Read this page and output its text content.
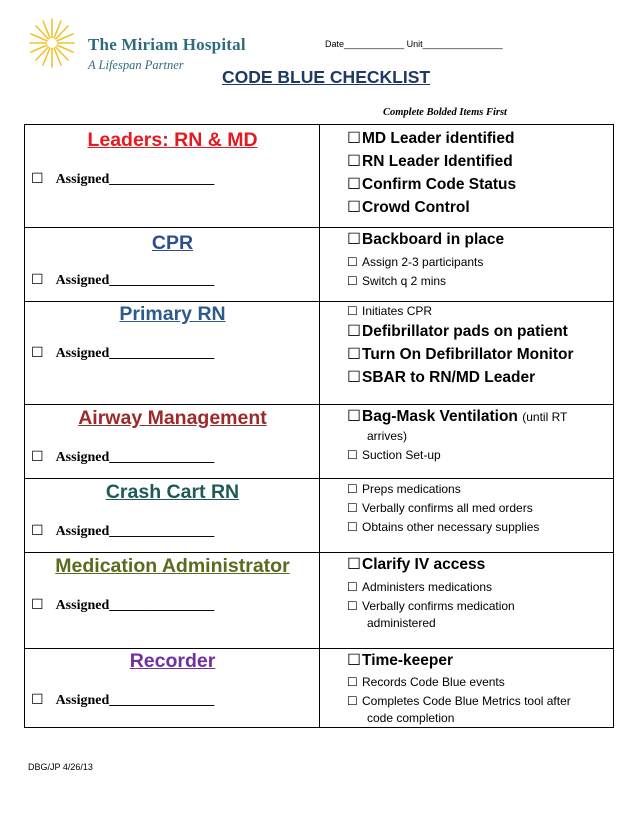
The Miriam Hospital
A Lifespan Partner
Date____________ Unit________________
CODE BLUE CHECKLIST
Complete Bolded Items First
Leaders: RN & MD
☐ Assigned_______________
☐MD Leader identified
☐RN Leader Identified
☐Confirm Code Status
☐Crowd Control
CPR
☐ Assigned_______________
☐Backboard in place
☐ Assign 2-3 participants
☐ Switch q 2 mins
Primary RN
☐ Assigned_______________
☐ Initiates CPR
☐Defibrillator pads on patient
☐Turn On Defibrillator Monitor
☐SBAR to RN/MD Leader
Airway Management
☐ Assigned_______________
☐Bag-Mask Ventilation (until RT
arrives)
☐ Suction Set-up
Crash Cart RN
☐ Assigned_______________
☐ Preps medications
☐ Verbally confirms all med orders
☐ Obtains other necessary supplies
Medication Administrator
☐ Assigned_______________
☐Clarify IV access
☐ Administers medications
☐ Verbally confirms medication
administered
Recorder
☐ Assigned_______________
☐Time-keeper
☐ Records Code Blue events
☐ Completes Code Blue Metrics tool after
code completion
DBG/JP 4/26/13
